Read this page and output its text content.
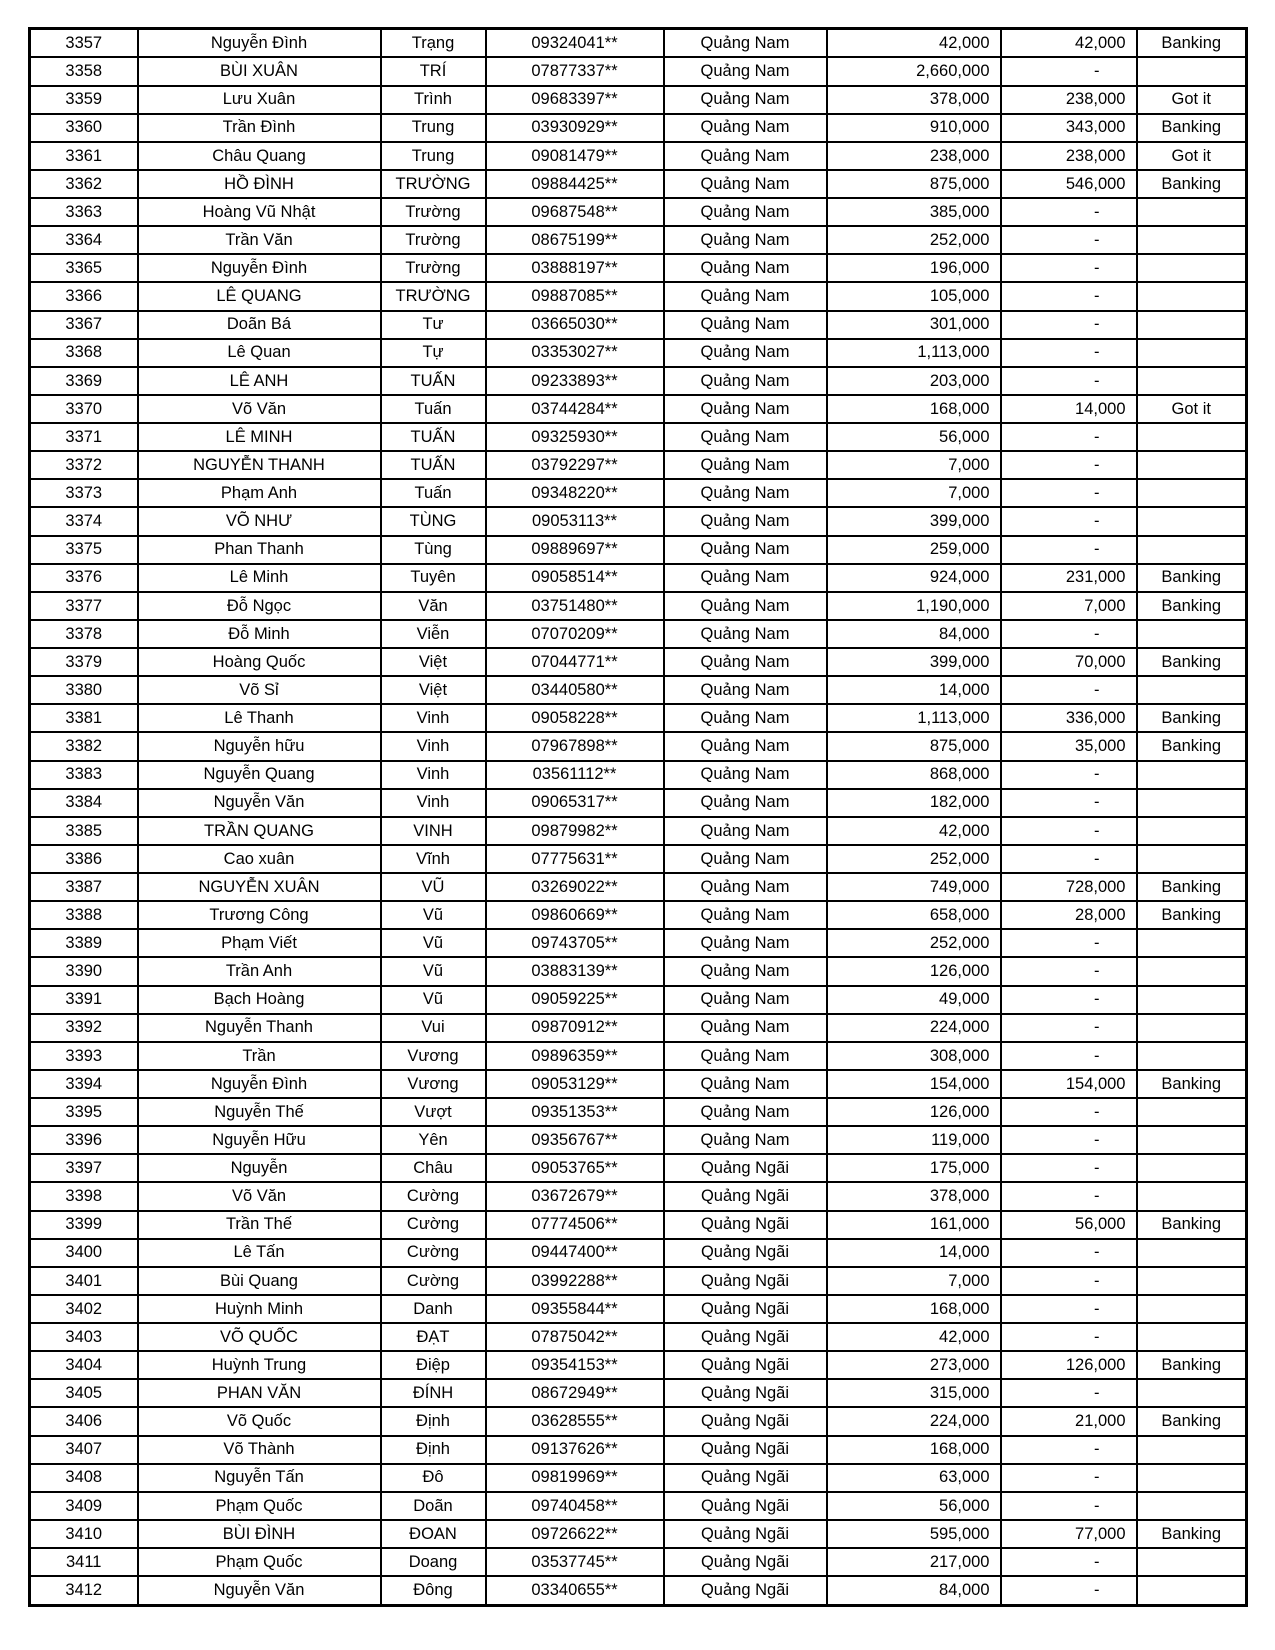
3357	Nguyễn Đình	Trạng	09324041**	Quảng Nam	42,000	42,000	Banking
3358	BÙI XUÂN	TRÍ	07877337**	Quảng Nam	2,660,000	-	
3359	Lưu Xuân	Trình	09683397**	Quảng Nam	378,000	238,000	Got it
3360	Trần Đình	Trung	03930929**	Quảng Nam	910,000	343,000	Banking
3361	Châu Quang	Trung	09081479**	Quảng Nam	238,000	238,000	Got it
3362	HỒ ĐÌNH	TRƯỜNG	09884425**	Quảng Nam	875,000	546,000	Banking
3363	Hoàng Vũ Nhật	Trường	09687548**	Quảng Nam	385,000	-	
3364	Trần Văn	Trường	08675199**	Quảng Nam	252,000	-	
3365	Nguyễn Đình	Trường	03888197**	Quảng Nam	196,000	-	
3366	LÊ QUANG	TRƯỜNG	09887085**	Quảng Nam	105,000	-	
3367	Doãn Bá	Tư	03665030**	Quảng Nam	301,000	-	
3368	Lê Quan	Tự	03353027**	Quảng Nam	1,113,000	-	
3369	LÊ ANH	TUẤN	09233893**	Quảng Nam	203,000	-	
3370	Võ Văn	Tuấn	03744284**	Quảng Nam	168,000	14,000	Got it
3371	LÊ MINH	TUẤN	09325930**	Quảng Nam	56,000	-	
3372	NGUYỄN THANH	TUẤN	03792297**	Quảng Nam	7,000	-	
3373	Phạm Anh	Tuấn	09348220**	Quảng Nam	7,000	-	
3374	VÕ NHƯ	TÙNG	09053113**	Quảng Nam	399,000	-	
3375	Phan Thanh	Tùng	09889697**	Quảng Nam	259,000	-	
3376	Lê Minh	Tuyên	09058514**	Quảng Nam	924,000	231,000	Banking
3377	Đỗ Ngọc	Văn	03751480**	Quảng Nam	1,190,000	7,000	Banking
3378	Đỗ Minh	Viễn	07070209**	Quảng Nam	84,000	-	
3379	Hoàng Quốc	Việt	07044771**	Quảng Nam	399,000	70,000	Banking
3380	Võ Sỉ	Việt	03440580**	Quảng Nam	14,000	-	
3381	Lê Thanh	Vinh	09058228**	Quảng Nam	1,113,000	336,000	Banking
3382	Nguyễn hữu	Vinh	07967898**	Quảng Nam	875,000	35,000	Banking
3383	Nguyễn Quang	Vinh	03561112**	Quảng Nam	868,000	-	
3384	Nguyễn Văn	Vinh	09065317**	Quảng Nam	182,000	-	
3385	TRẦN QUANG	VINH	09879982**	Quảng Nam	42,000	-	
3386	Cao xuân	Vĩnh	07775631**	Quảng Nam	252,000	-	
3387	NGUYỄN XUÂN	VŨ	03269022**	Quảng Nam	749,000	728,000	Banking
3388	Trương Công	Vũ	09860669**	Quảng Nam	658,000	28,000	Banking
3389	Phạm Viết	Vũ	09743705**	Quảng Nam	252,000	-	
3390	Trần Anh	Vũ	03883139**	Quảng Nam	126,000	-	
3391	Bạch Hoàng	Vũ	09059225**	Quảng Nam	49,000	-	
3392	Nguyễn Thanh	Vui	09870912**	Quảng Nam	224,000	-	
3393	Trần	Vương	09896359**	Quảng Nam	308,000	-	
3394	Nguyễn Đình	Vương	09053129**	Quảng Nam	154,000	154,000	Banking
3395	Nguyễn Thế	Vượt	09351353**	Quảng Nam	126,000	-	
3396	Nguyễn Hữu	Yên	09356767**	Quảng Nam	119,000	-	
3397	Nguyễn	Châu	09053765**	Quảng Ngãi	175,000	-	
3398	Võ Văn	Cường	03672679**	Quảng Ngãi	378,000	-	
3399	Trần Thế	Cường	07774506**	Quảng Ngãi	161,000	56,000	Banking
3400	Lê Tấn	Cường	09447400**	Quảng Ngãi	14,000	-	
3401	Bùi Quang	Cường	03992288**	Quảng Ngãi	7,000	-	
3402	Huỳnh Minh	Danh	09355844**	Quảng Ngãi	168,000	-	
3403	VÕ QUỐC	ĐẠT	07875042**	Quảng Ngãi	42,000	-	
3404	Huỳnh Trung	Điệp	09354153**	Quảng Ngãi	273,000	126,000	Banking
3405	PHAN VĂN	ĐÍNH	08672949**	Quảng Ngãi	315,000	-	
3406	Võ Quốc	Định	03628555**	Quảng Ngãi	224,000	21,000	Banking
3407	Võ Thành	Định	09137626**	Quảng Ngãi	168,000	-	
3408	Nguyễn Tấn	Đô	09819969**	Quảng Ngãi	63,000	-	
3409	Phạm Quốc	Doãn	09740458**	Quảng Ngãi	56,000	-	
3410	BÙI ĐÌNH	ĐOAN	09726622**	Quảng Ngãi	595,000	77,000	Banking
3411	Phạm Quốc	Doang	03537745**	Quảng Ngãi	217,000	-	
3412	Nguyễn Văn	Đông	03340655**	Quảng Ngãi	84,000	-	
